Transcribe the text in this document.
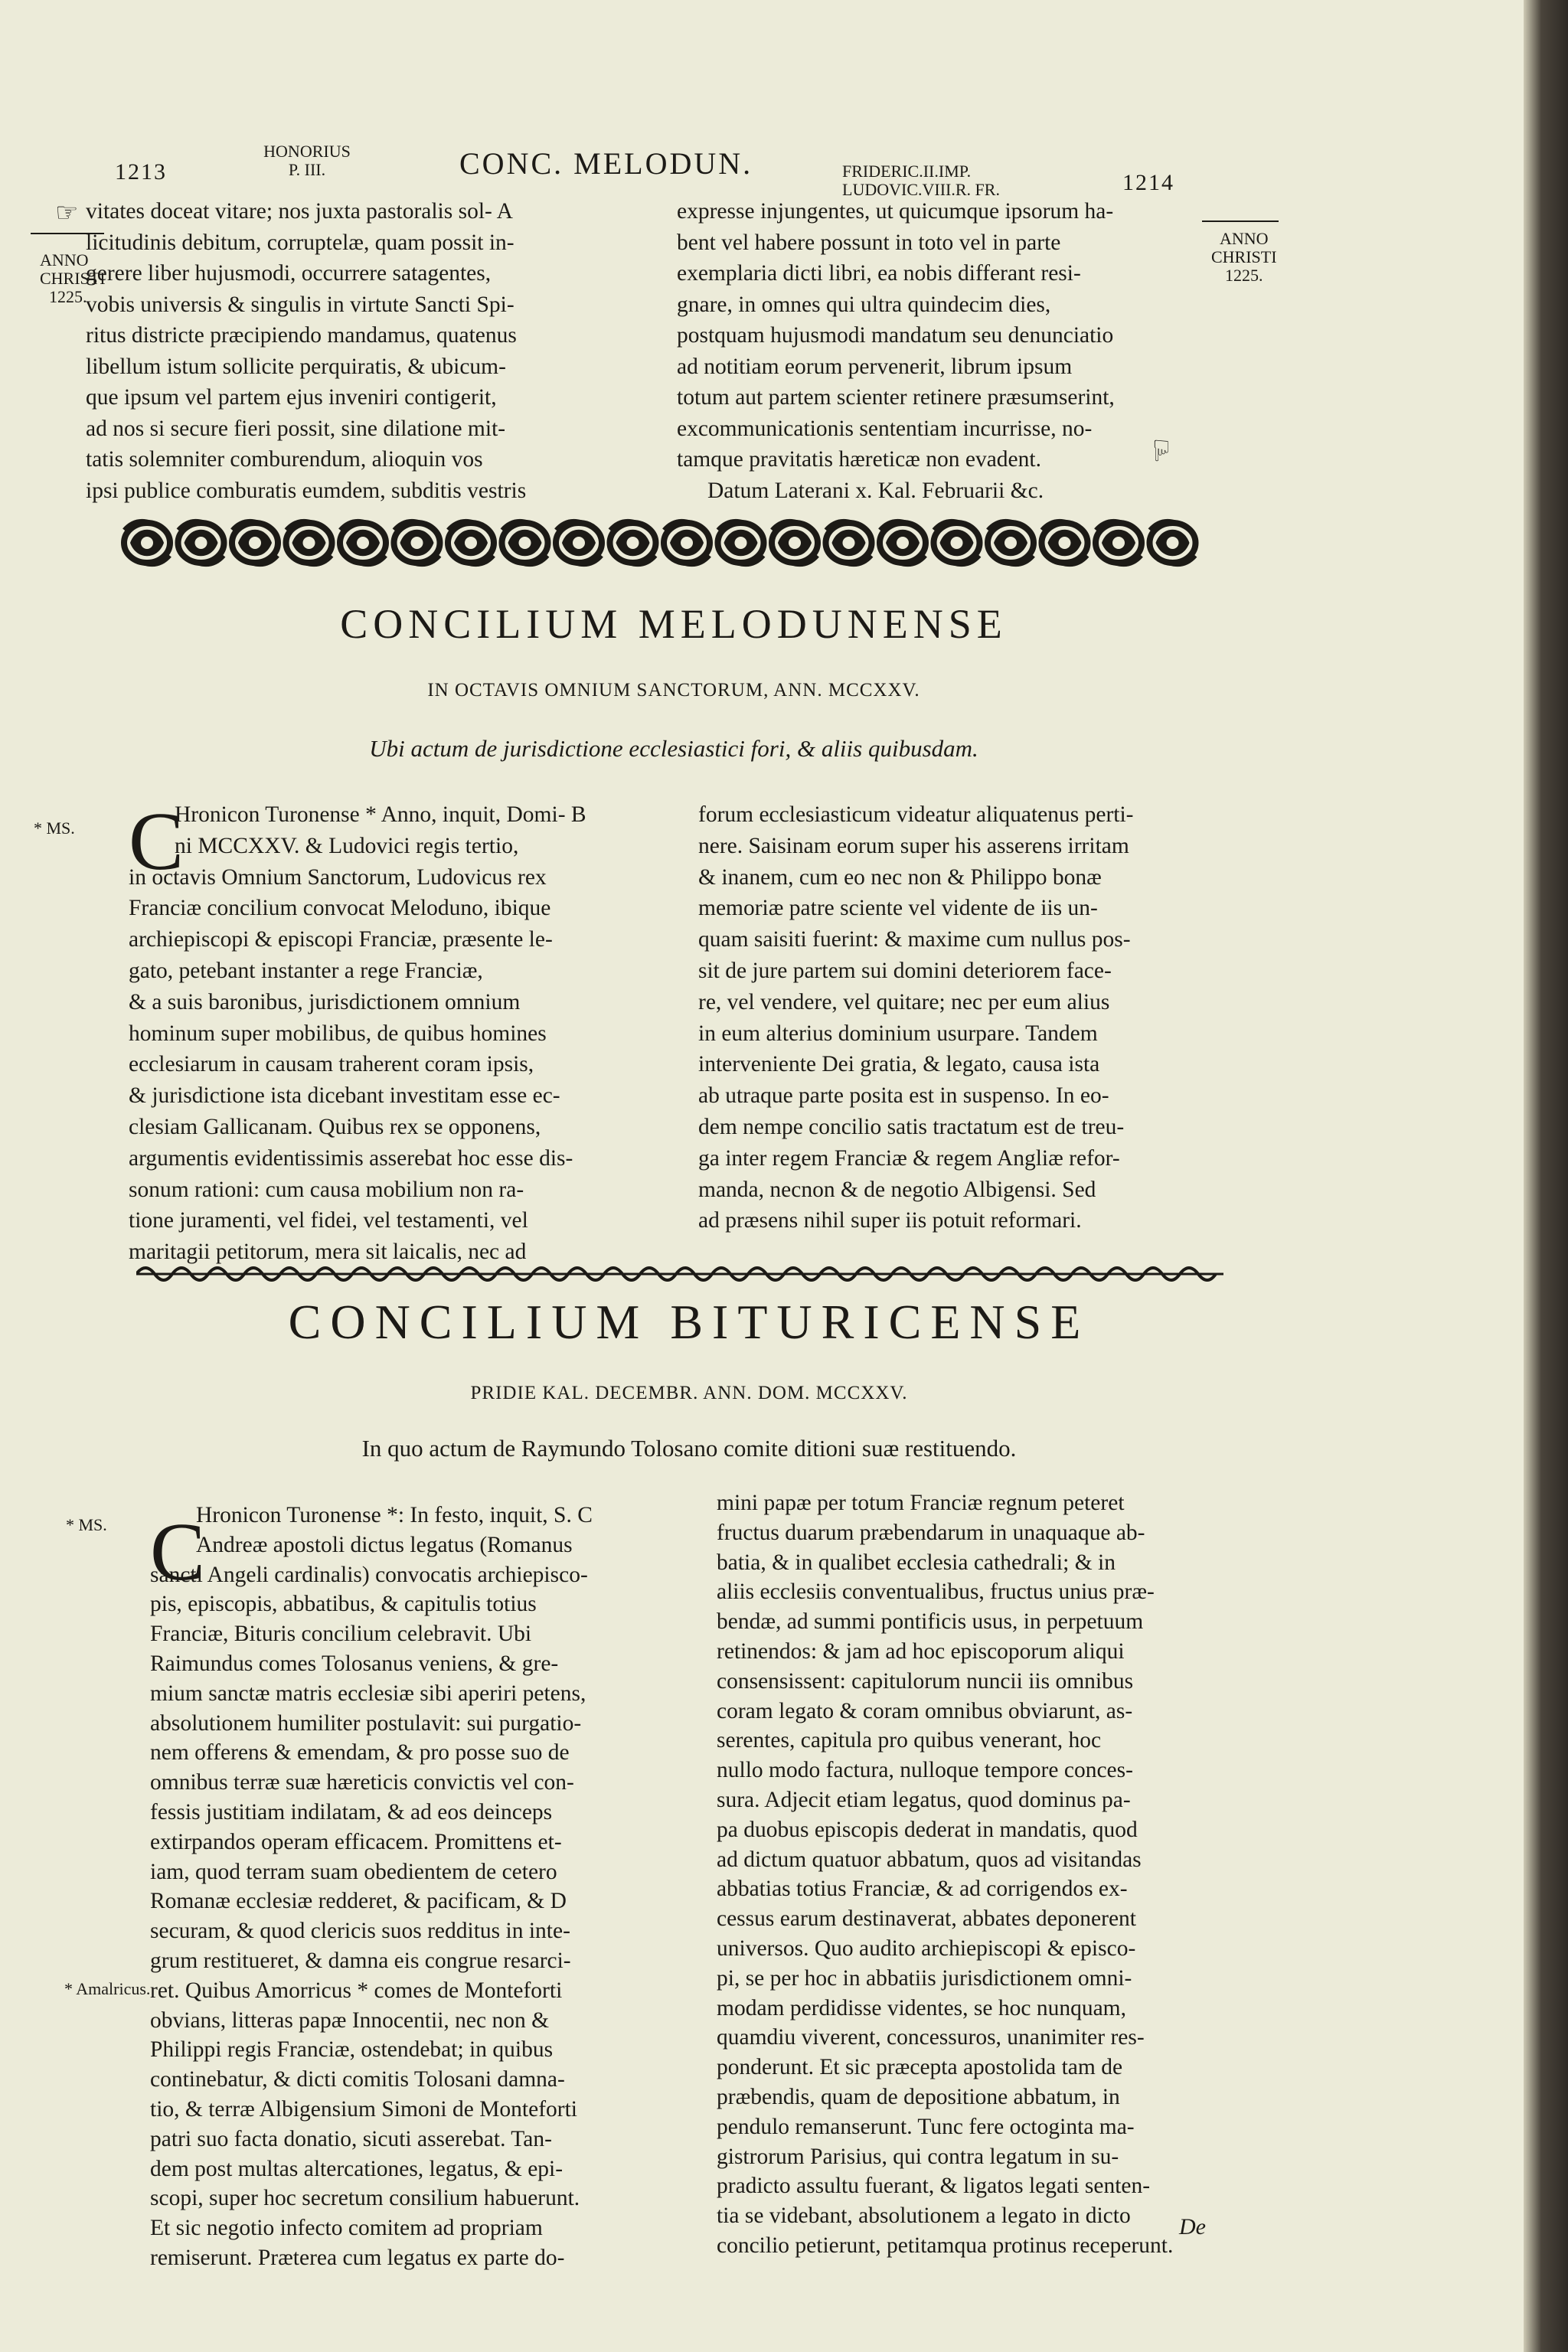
1213
HONORIUS
P. III.	CONC. MELODUN.	FRIDERIC.II.IMP.
LUDOVIC.VIII.R. FR.	1214
☞
☜
ANNO
CHRISTI
1225.
ANNO
CHRISTI
1225.
vitates doceat vitare; nos juxta pastoralis sol- A
licitudinis debitum, corruptelæ, quam possit in-
gerere liber hujusmodi, occurrere satagentes,
vobis universis & singulis in virtute Sancti Spi-
ritus districte præcipiendo mandamus, quatenus
libellum istum sollicite perquiratis, & ubicum-
que ipsum vel partem ejus inveniri contigerit,
ad nos si secure fieri possit, sine dilatione mit-
tatis solemniter comburendum, alioquin vos
ipsi publice comburatis eumdem, subditis vestris
expresse injungentes, ut quicumque ipsorum ha-
bent vel habere possunt in toto vel in parte
exemplaria dicti libri, ea nobis differant resi-
gnare, in omnes qui ultra quindecim dies,
postquam hujusmodi mandatum seu denunciatio
ad notitiam eorum pervenerit, librum ipsum
totum aut partem scienter retinere præsumserint,
excommunicationis sententiam incurrisse, no-
tamque pravitatis hæreticæ non evadent.
Datum Laterani x. Kal. Februarii &c.
CONCILIUM MELODUNENSE
IN OCTAVIS OMNIUM SANCTORUM, ANN. MCCXXV.
Ubi actum de jurisdictione ecclesiastici fori, & aliis quibusdam.
* MS. C
Hronicon Turonense * Anno, inquit, Domi- B
ni MCCXXV. & Ludovici regis tertio,
in octavis Omnium Sanctorum, Ludovicus rex
Franciæ concilium convocat Meloduno, ibique
archiepiscopi & episcopi Franciæ, præsente le-
gato, petebant instanter a rege Franciæ,
& a suis baronibus, jurisdictionem omnium
hominum super mobilibus, de quibus homines
ecclesiarum in causam traherent coram ipsis,
& jurisdictione ista dicebant investitam esse ec-
clesiam Gallicanam. Quibus rex se opponens,
argumentis evidentissimis asserebat hoc esse dis-
sonum rationi: cum causa mobilium non ra-
tione juramenti, vel fidei, vel testamenti, vel
maritagii petitorum, mera sit laicalis, nec ad
forum ecclesiasticum videatur aliquatenus perti-
nere. Saisinam eorum super his asserens irritam
& inanem, cum eo nec non & Philippo bonæ
memoriæ patre sciente vel vidente de iis un-
quam saisiti fuerint: & maxime cum nullus pos-
sit de jure partem sui domini deteriorem face-
re, vel vendere, vel quitare; nec per eum alius
in eum alterius dominium usurpare. Tandem
interveniente Dei gratia, & legato, causa ista
ab utraque parte posita est in suspenso. In eo-
dem nempe concilio satis tractatum est de treu-
ga inter regem Franciæ & regem Angliæ refor-
manda, necnon & de negotio Albigensi. Sed
ad præsens nihil super iis potuit reformari.
CONCILIUM BITURICENSE
PRIDIE KAL. DECEMBR. ANN. DOM. MCCXXV.
In quo actum de Raymundo Tolosano comite ditioni suæ restituendo.
* MS.
* Amalricus.
C
Hronicon Turonense *: In festo, inquit, S. C
Andreæ apostoli dictus legatus (Romanus
sancti Angeli cardinalis) convocatis archiepisco-
pis, episcopis, abbatibus, & capitulis totius
Franciæ, Bituris concilium celebravit. Ubi
Raimundus comes Tolosanus veniens, & gre-
mium sanctæ matris ecclesiæ sibi aperiri petens,
absolutionem humiliter postulavit: sui purgatio-
nem offerens & emendam, & pro posse suo de
omnibus terræ suæ hæreticis convictis vel con-
fessis justitiam indilatam, & ad eos deinceps
extirpandos operam efficacem. Promittens et-
iam, quod terram suam obedientem de cetero
Romanæ ecclesiæ redderet, & pacificam, & D
securam, & quod clericis suos redditus in inte-
grum restitueret, & damna eis congrue resarci-
ret. Quibus Amorricus * comes de Monteforti
obvians, litteras papæ Innocentii, nec non &
Philippi regis Franciæ, ostendebat; in quibus
continebatur, & dicti comitis Tolosani damna-
tio, & terræ Albigensium Simoni de Monteforti
patri suo facta donatio, sicuti asserebat. Tan-
dem post multas altercationes, legatus, & epi-
scopi, super hoc secretum consilium habuerunt.
Et sic negotio infecto comitem ad propriam
remiserunt. Præterea cum legatus ex parte do-
mini papæ per totum Franciæ regnum peteret
fructus duarum præbendarum in unaquaque ab-
batia, & in qualibet ecclesia cathedrali; & in
aliis ecclesiis conventualibus, fructus unius præ-
bendæ, ad summi pontificis usus, in perpetuum
retinendos: & jam ad hoc episcoporum aliqui
consensissent: capitulorum nuncii iis omnibus
coram legato & coram omnibus obviarunt, as-
serentes, capitula pro quibus venerant, hoc
nullo modo factura, nulloque tempore conces-
sura. Adjecit etiam legatus, quod dominus pa-
pa duobus episcopis dederat in mandatis, quod
ad dictum quatuor abbatum, quos ad visitandas
abbatias totius Franciæ, & ad corrigendos ex-
cessus earum destinaverat, abbates deponerent
universos. Quo audito archiepiscopi & episco-
pi, se per hoc in abbatiis jurisdictionem omni-
modam perdidisse videntes, se hoc nunquam,
quamdiu viverent, concessuros, unanimiter res-
ponderunt. Et sic præcepta apostolida tam de
præbendis, quam de depositione abbatum, in
pendulo remanserunt. Tunc fere octoginta ma-
gistrorum Parisius, qui contra legatum in su-
pradicto assultu fuerant, & ligatos legati senten-
tia se videbant, absolutionem a legato in dicto
concilio petierunt, petitamqua protinus receperunt.
De
